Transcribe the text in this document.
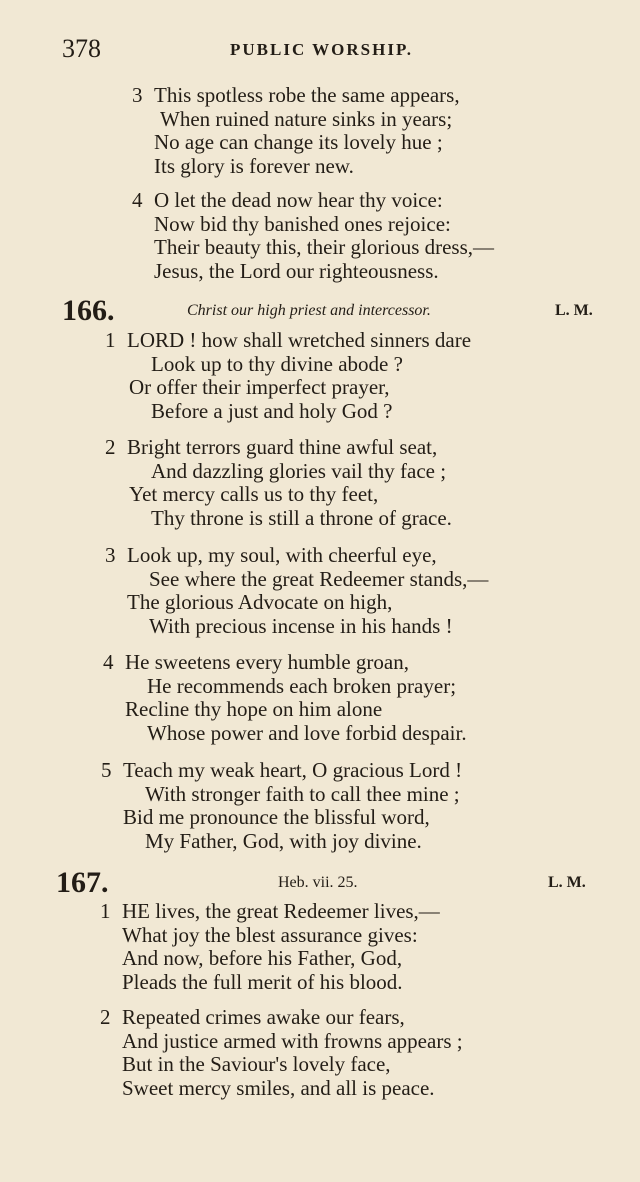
378	PUBLIC WORSHIP.
3 This spotless robe the same appears,
When ruined nature sinks in years;
No age can change its lovely hue ;
Its glory is forever new.
4 O let the dead now hear thy voice:
Now bid thy banished ones rejoice:
Their beauty this, their glorious dress,—
Jesus, the Lord our righteousness.
166.	Christ our high priest and intercessor.	L. M.
1 LORD ! how shall wretched sinners dare
Look up to thy divine abode ?
Or offer their imperfect prayer,
Before a just and holy God ?
2 Bright terrors guard thine awful seat,
And dazzling glories vail thy face ;
Yet mercy calls us to thy feet,
Thy throne is still a throne of grace.
3 Look up, my soul, with cheerful eye,
See where the great Redeemer stands,—
The glorious Advocate on high,
With precious incense in his hands !
4 He sweetens every humble groan,
He recommends each broken prayer;
Recline thy hope on him alone
Whose power and love forbid despair.
5 Teach my weak heart, O gracious Lord !
With stronger faith to call thee mine ;
Bid me pronounce the blissful word,
My Father, God, with joy divine.
167.	Heb. vii. 25.	L. M.
1 HE lives, the great Redeemer lives,—
What joy the blest assurance gives:
And now, before his Father, God,
Pleads the full merit of his blood.
2 Repeated crimes awake our fears,
And justice armed with frowns appears ;
But in the Saviour's lovely face,
Sweet mercy smiles, and all is peace.
